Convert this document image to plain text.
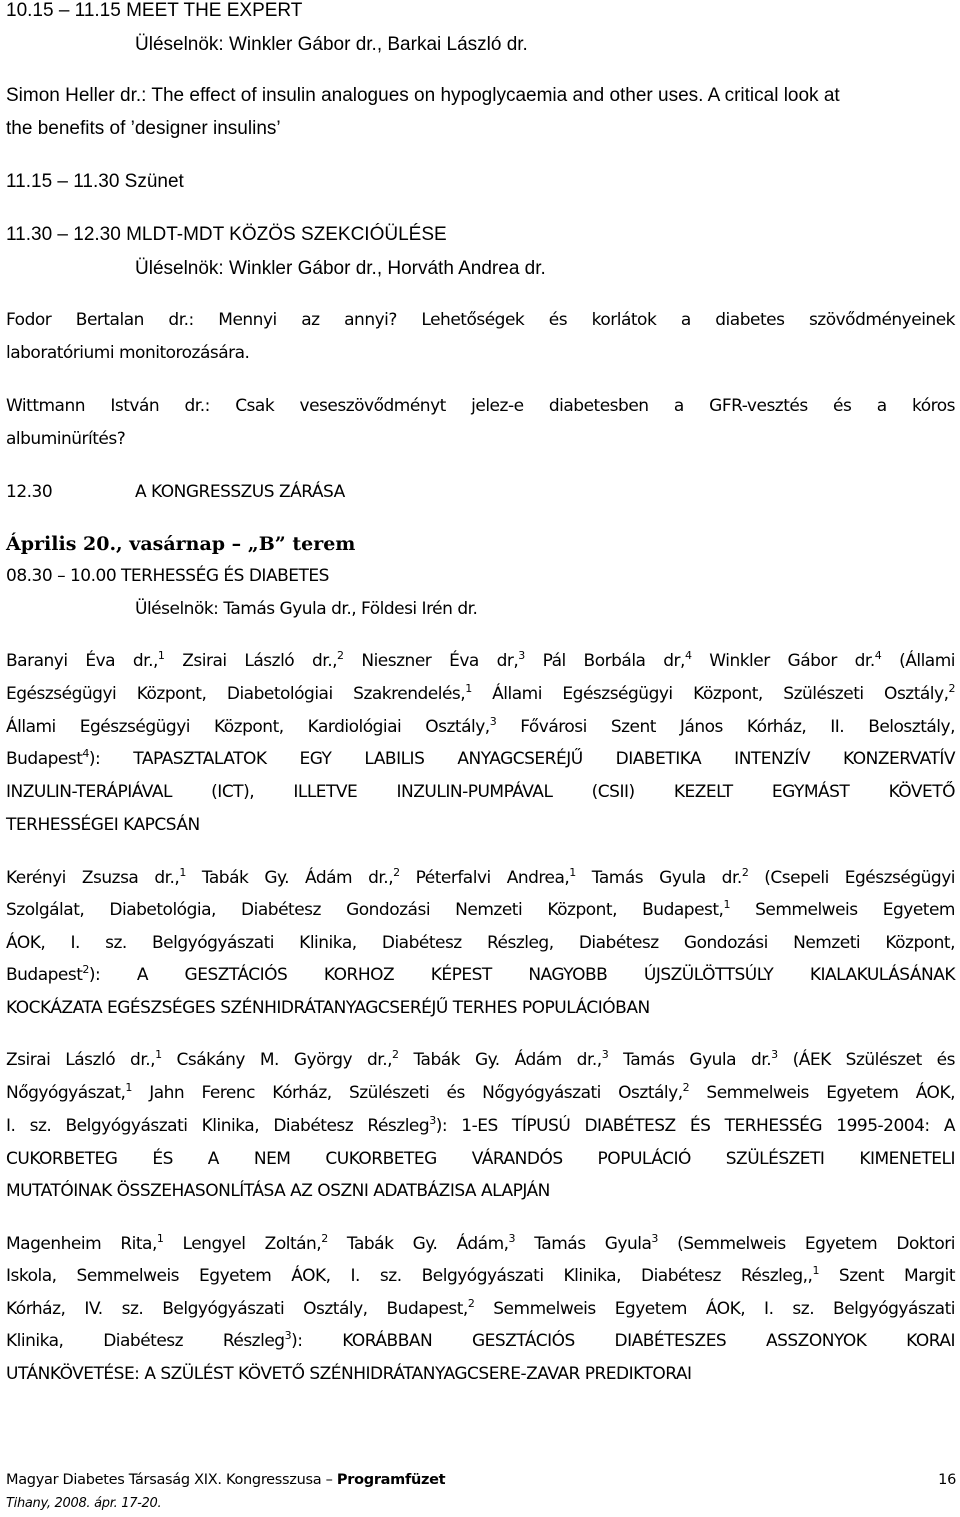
10.15 – 11.15 MEET THE EXPERT
Üléselnök: Winkler Gábor dr., Barkai László dr.
Simon Heller dr.: The effect of insulin analogues on hypoglycaemia and other uses. A critical look at
the benefits of ’designer insulins’
11.15 – 11.30 Szünet
11.30 – 12.30 MLDT-MDT KÖZÖS SZEKCIÓÜLÉSE
Üléselnök: Winkler Gábor dr., Horváth Andrea dr.
Fodor Bertalan dr.: Mennyi az annyi? Lehetőségek és korlátok a diabetes szövődményeinek
laboratóriumi monitorozására.
Wittmann István dr.: Csak veseszövődményt jelez-e diabetesben a GFR-vesztés és a kóros
albuminürítés?
12.30	A KONGRESSZUS ZÁRÁSA
Április 20., vasárnap – „B” terem
08.30 – 10.00 TERHESSÉG ÉS DIABETES
Üléselnök: Tamás Gyula dr., Földesi Irén dr.
Baranyi Éva dr.,$^1$ Zsirai László dr.,$^2$ Nieszner Éva dr,$^3$ Pál Borbála dr,$^4$ Winkler Gábor dr.$^4$ (Állami
Egészségügyi Központ, Diabetológiai Szakrendelés,$^1$ Állami Egészségügyi Központ, Szülészeti Osztály,$^2$
Állami Egészségügyi Központ, Kardiológiai Osztály,$^3$ Fővárosi Szent János Kórház, II. Belosztály,
Budapest$^4$): TAPASZTALATOK EGY LABILIS ANYAGCSERÉJŰ DIABETIKA INTENZÍV KONZERVATÍV
INZULIN-TERÁPIÁVAL (ICT), ILLETVE INZULIN-PUMPÁVAL (CSII) KEZELT EGYMÁST KÖVETŐ
TERHESSÉGEI KAPCSÁN
Kerényi Zsuzsa dr.,$^1$ Tabák Gy. Ádám dr.,$^2$ Péterfalvi Andrea,$^1$ Tamás Gyula dr.$^2$ (Csepeli Egészségügyi
Szolgálat, Diabetológia, Diabétesz Gondozási Nemzeti Központ, Budapest,$^1$ Semmelweis Egyetem
ÁOK, I. sz. Belgyógyászati Klinika, Diabétesz Részleg, Diabétesz Gondozási Nemzeti Központ,
Budapest$^2$): A GESZTÁCIÓS KORHOZ KÉPEST NAGYOBB ÚJSZÜLÖTTSÚLY KIALAKULÁSÁNAK
KOCKÁZATA EGÉSZSÉGES SZÉNHIDRÁTANYAGCSERÉJŰ TERHES POPULÁCIÓBAN
Zsirai László dr.,$^1$ Csákány M. György dr.,$^2$ Tabák Gy. Ádám dr.,$^3$ Tamás Gyula dr.$^3$ (ÁEK Szülészet és
Nőgyógyászat,$^1$ Jahn Ferenc Kórház, Szülészeti és Nőgyógyászati Osztály,$^2$ Semmelweis Egyetem ÁOK,
I. sz. Belgyógyászati Klinika, Diabétesz Részleg$^3$): 1-ES TÍPUSÚ DIABÉTESZ ÉS TERHESSÉG 1995-2004: A
CUKORBETEG ÉS A NEM CUKORBETEG VÁRANDÓS POPULÁCIÓ SZÜLÉSZETI KIMENETELI
MUTATÓINAK ÖSSZEHASONLÍTÁSA AZ OSZNI ADATBÁZISA ALAPJÁN
Magenheim Rita,$^1$ Lengyel Zoltán,$^2$ Tabák Gy. Ádám,$^3$ Tamás Gyula$^3$ (Semmelweis Egyetem Doktori
Iskola, Semmelweis Egyetem ÁOK, I. sz. Belgyógyászati Klinika, Diabétesz Részleg,,$^1$ Szent Margit
Kórház, IV. sz. Belgyógyászati Osztály, Budapest,$^2$ Semmelweis Egyetem ÁOK, I. sz. Belgyógyászati
Klinika, Diabétesz Részleg$^3$): KORÁBBAN GESZTÁCIÓS DIABÉTESZES ASSZONYOK KORAI
UTÁNKÖVETÉSE: A SZÜLÉST KÖVETŐ SZÉNHIDRÁTANYAGCSERE-ZAVAR PREDIKTORAI
Magyar Diabetes Társaság XIX. Kongresszusa – Programfüzet	16
Tihany, 2008. ápr. 17-20.
